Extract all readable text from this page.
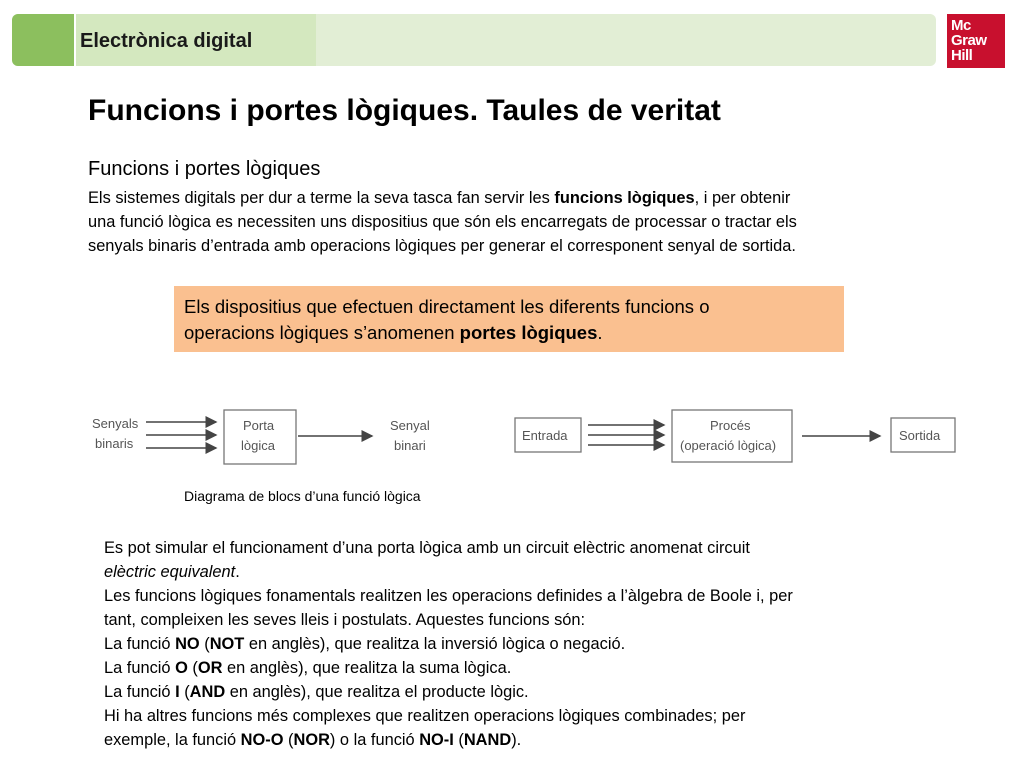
Electrònica digital
Mc
Graw
Hill
Funcions i portes lògiques. Taules de veritat
Funcions i portes lògiques
Els sistemes digitals per dur a terme la seva tasca fan servir les funcions lògiques, i per obtenir
una funció lògica es necessiten uns dispositius que són els encarregats de processar o tractar els
senyals binaris d’entrada amb operacions lògiques per generar el corresponent senyal de sortida.
Els dispositius que efectuen directament les diferents funcions o
operacions lògiques s’anomenen portes lògiques.
Senyals
binaris
Porta
lògica
Senyal
binari
Entrada
Procés
(operació lògica)
Sortida
Diagrama de blocs d’una funció lògica
Es pot simular el funcionament d’una porta lògica amb un circuit elèctric anomenat circuit
elèctric equivalent.
Les funcions lògiques fonamentals realitzen les operacions definides a l’àlgebra de Boole i, per
tant, compleixen les seves lleis i postulats. Aquestes funcions són:
La funció NO (NOT en anglès), que realitza la inversió lògica o negació.
La funció O (OR en anglès), que realitza la suma lògica.
La funció I (AND en anglès), que realitza el producte lògic.
Hi ha altres funcions més complexes que realitzen operacions lògiques combinades; per
exemple, la funció NO-O (NOR) o la funció NO-I (NAND).
